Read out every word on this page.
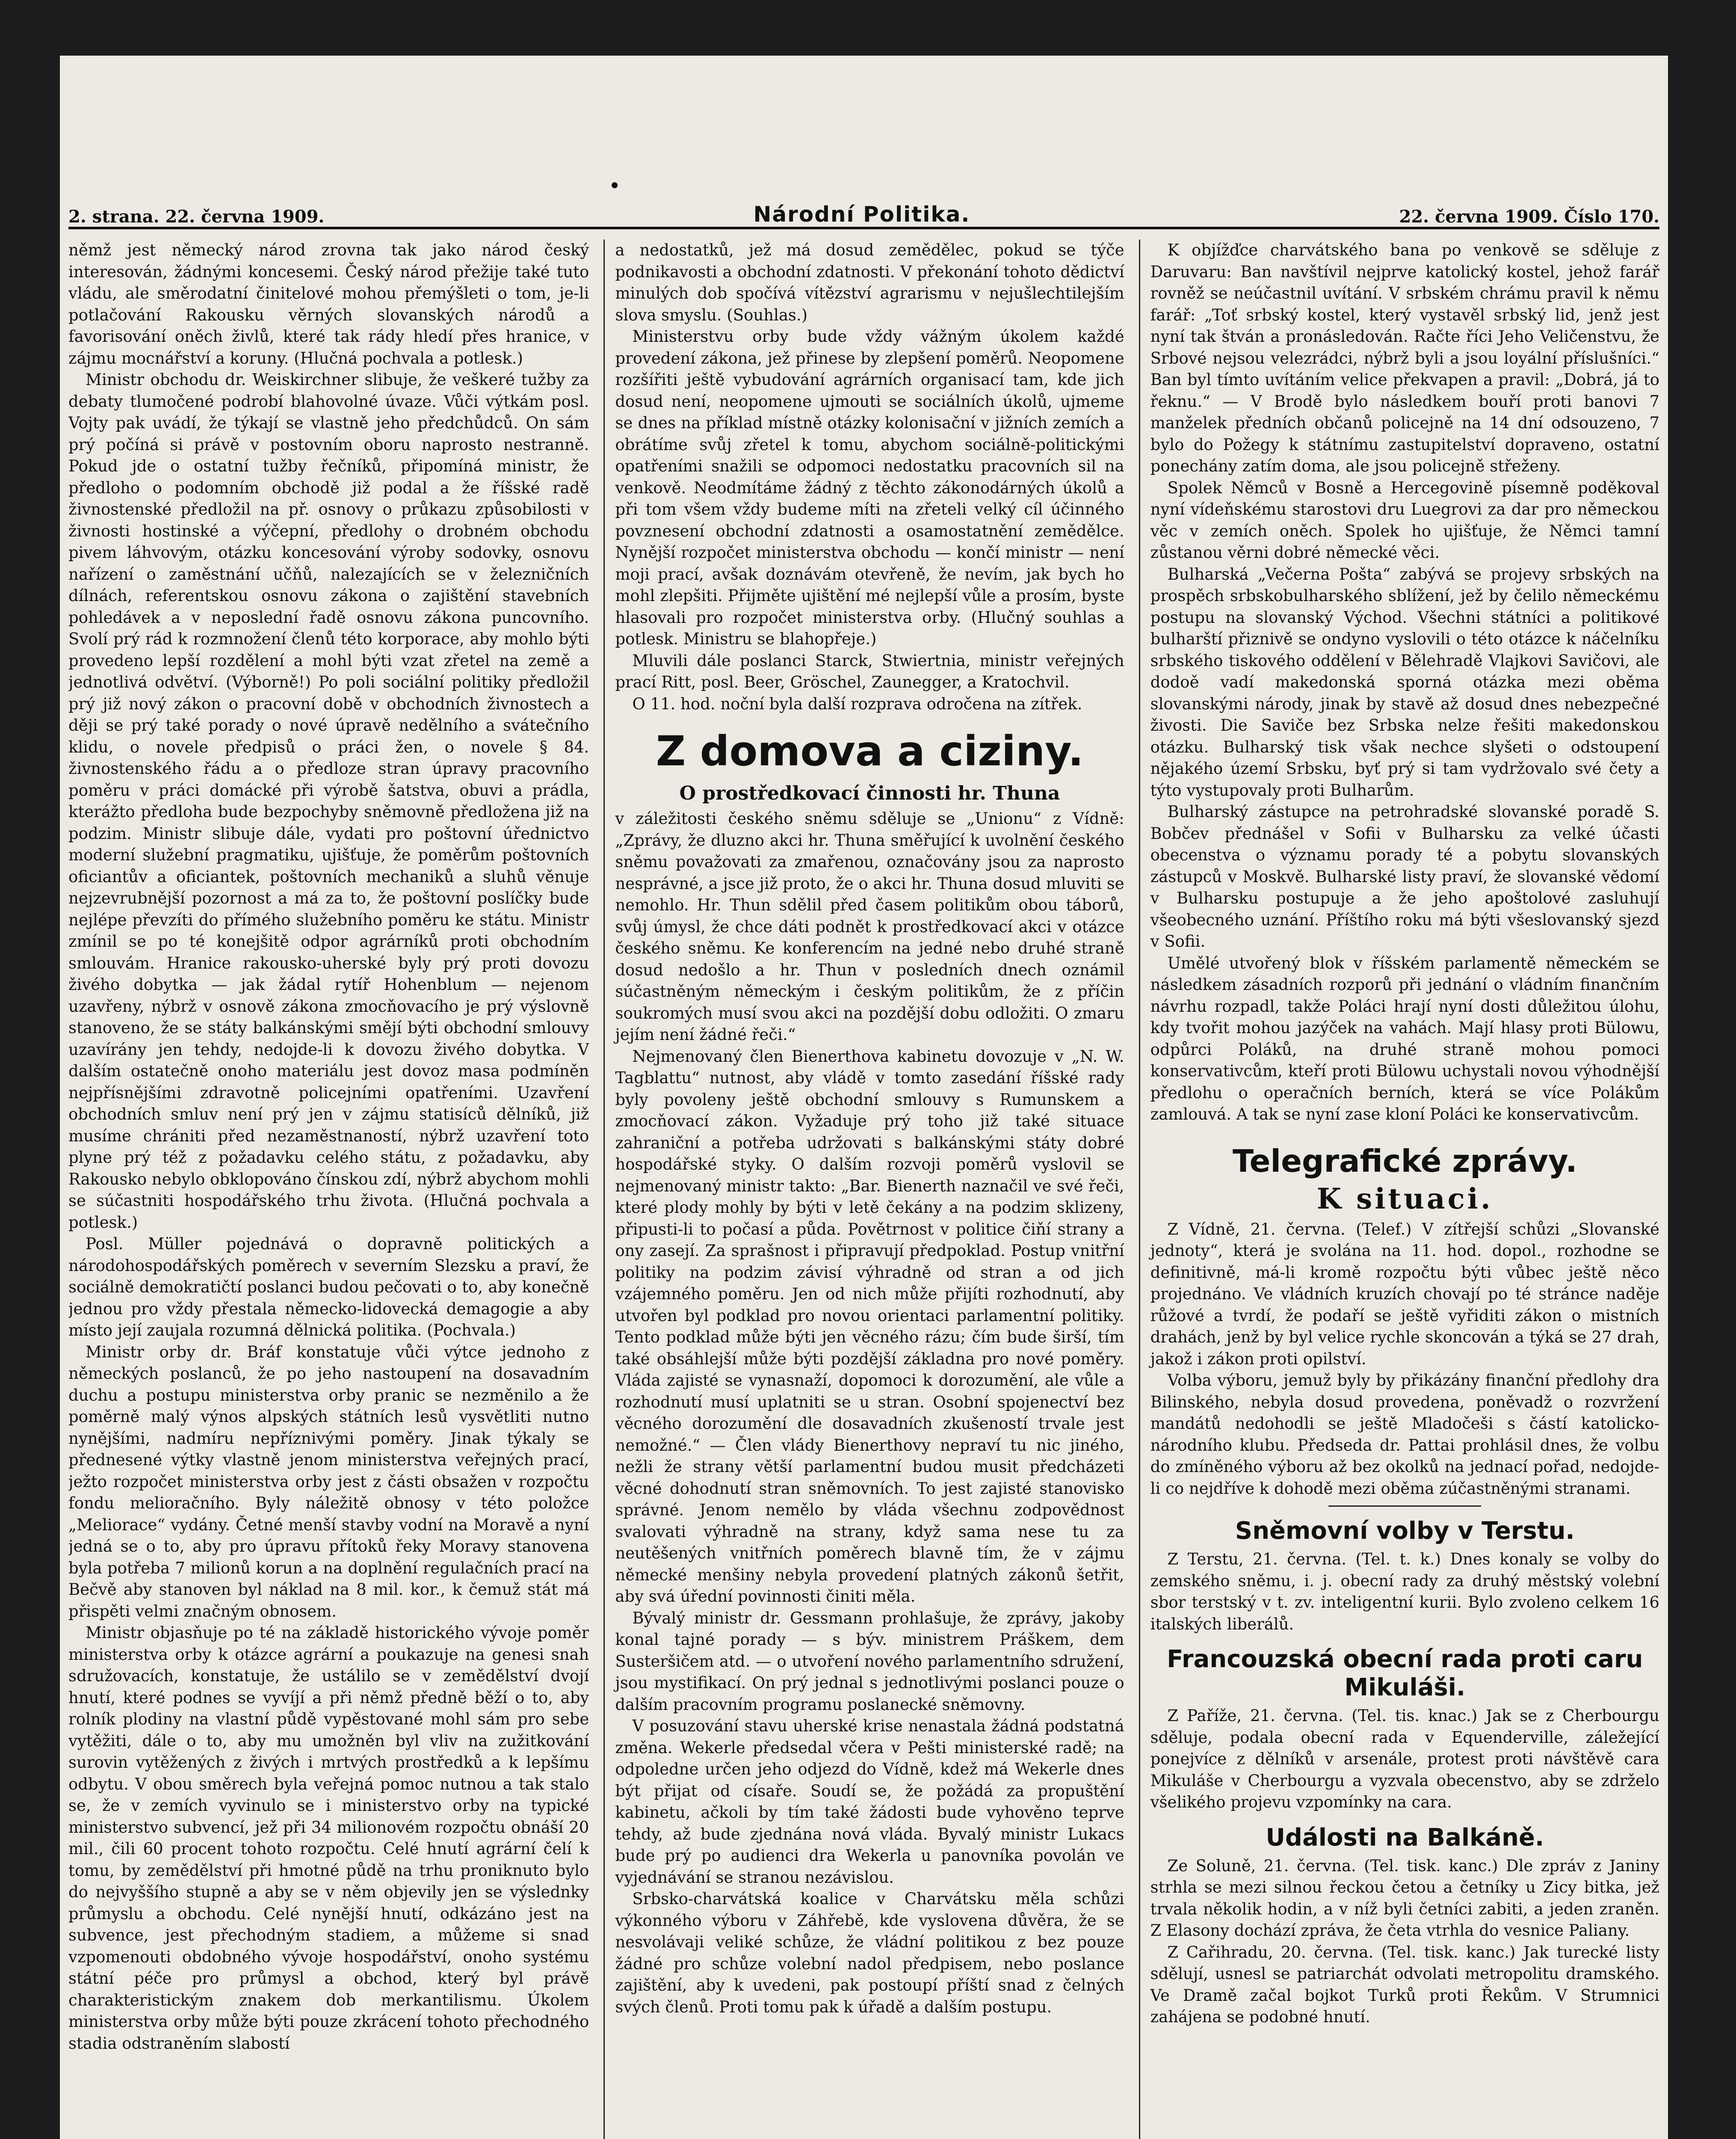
2. strana. 22. června 1909.	Národní Politika.	22. června 1909. Číslo 170.

němž jest německý národ zrovna tak jako národ český interesován, žádnými koncesemi. Český národ přežije také tuto vládu, ale směrodatní činitelové mohou přemýšleti o tom, je-li potlačování Rakousku věrných slovanských národů a favorisování oněch živlů, které tak rády hledí přes hranice, v zájmu mocnářství a koruny. (Hlučná pochvala a potlesk.)

Ministr obchodu dr. Weiskirchner slibuje, že veškeré tužby za debaty tlumočené podrobí blahovolné úvaze. Vůči výtkám posl. Vojty pak uvádí, že týkají se vlastně jeho předchůdců. On sám prý počíná si právě v postovním oboru naprosto nestranně. Pokud jde o ostatní tužby řečníků, připomíná ministr, že předloho o podomním obchodě již podal a že říšské radě živnostenské předložil na př. osnovy o průkazu způsobilosti v živnosti hostinské a výčepní, předlohy o drobném obchodu pivem láhvovým, otázku koncesování výroby sodovky, osnovu nařízení o zaměstnání učňů, nalezajících se v železničních dílnách, referentskou osnovu zákona o zajištění stavebních pohledávek a v neposlední řadě osnovu zákona puncovního. Svolí prý rád k rozmnožení členů této korporace, aby mohlo býti provedeno lepší rozdělení a mohl býti vzat zřetel na země a jednotlivá odvětví. (Výborně!) Po poli sociální politiky předložil prý již nový zákon o pracovní době v obchodních živnostech a ději se prý také porady o nové úpravě nedělního a svátečního klidu, o novele předpisů o práci žen, o novele § 84. živnostenského řádu a o předloze stran úpravy pracovního poměru v práci domácké při výrobě šatstva, obuvi a prádla, kterážto předloha bude bezpochyby sněmovně předložena již na podzim. Ministr slibuje dále, vydati pro poštovní úřednictvo moderní služební pragmatiku, ujišťuje, že poměrům poštovních oficiantův a oficiantek, poštovních mechaniků a sluhů věnuje nejzevrubnější pozornost a má za to, že poštovní poslíčky bude nejlépe převzíti do přímého služebního poměru ke státu. Ministr zmínil se po té konejšitě odpor agrárníků proti obchodním smlouvám. Hranice rakousko-uherské byly prý proti dovozu živého dobytka — jak žádal rytíř Hohenblum — nejenom uzavřeny, nýbrž v osnově zákona zmocňovacího je prý výslovně stanoveno, že se státy balkánskými smějí býti obchodní smlouvy uzavírány jen tehdy, nedojde-li k dovozu živého dobytka. V dalším ostatečně onoho materiálu jest dovoz masa podmíněn nejpřísnějšími zdravotně policejními opatřeními. Uzavření obchodních smluv není prý jen v zájmu statisíců dělníků, již musíme chrániti před nezaměstnaností, nýbrž uzavření toto plyne prý též z požadavku celého státu, z požadavku, aby Rakousko nebylo obklopováno čínskou zdí, nýbrž abychom mohli se súčastniti hospodářského trhu života. (Hlučná pochvala a potlesk.)

Posl. Müller pojednává o dopravně politických a národohospodářských poměrech v severním Slezsku a praví, že sociálně demokratičtí poslanci budou pečovati o to, aby konečně jednou pro vždy přestala německo-lidovecká demagogie a aby místo její zaujala rozumná dělnická politika. (Pochvala.)

Ministr orby dr. Bráf konstatuje vůči výtce jednoho z německých poslanců, že po jeho nastoupení na dosavadním duchu a postupu ministerstva orby pranic se nezměnilo a že poměrně malý výnos alpských státních lesů vysvětliti nutno nynějšími, nadmíru nepříznivými poměry. Jinak týkaly se přednesené výtky vlastně jenom ministerstva veřejných prací, ježto rozpočet ministerstva orby jest z části obsažen v rozpočtu fondu melioračního. Byly náležitě obnosy v této položce „Meliorace“ vydány. Četné menší stavby vodní na Moravě a nyní jedná se o to, aby pro úpravu přítoků řeky Moravy stanovena byla potřeba 7 milionů korun a na doplnění regulačních prací na Bečvě aby stanoven byl náklad na 8 mil. kor., k čemuž stát má přispěti velmi značným obnosem.

Ministr objasňuje po té na základě historického vývoje poměr ministerstva orby k otázce agrární a poukazuje na genesi snah sdružovacích, konstatuje, že ustálilo se v zemědělství dvojí hnutí, které podnes se vyvíjí a při němž předně běží o to, aby rolník plodiny na vlastní půdě vypěstované mohl sám pro sebe vytěžiti, dále o to, aby mu umožněn byl vliv na zužitkování surovin vytěžených z živých i mrtvých prostředků a k lepšímu odbytu. V obou směrech byla veřejná pomoc nutnou a tak stalo se, že v zemích vyvinulo se i ministerstvo orby na typické ministerstvo subvencí, jež při 34 milionovém rozpočtu obnáší 20 mil., čili 60 procent tohoto rozpočtu. Celé hnutí agrární čelí k tomu, by zemědělství při hmotné půdě na trhu proniknuto bylo do nejvyššího stupně a aby se v něm objevily jen se výslednky průmyslu a obchodu. Celé nynější hnutí, odkázáno jest na subvence, jest přechodným stadiem, a můžeme si snad vzpomenouti obdobného vývoje hospodářství, onoho systému státní péče pro průmysl a obchod, který byl právě charakteristickým znakem dob merkantilismu. Úkolem ministerstva orby může býti pouze zkrácení tohoto přechodného stadia odstraněním slabostí

a nedostatků, jež má dosud zemědělec, pokud se týče podnikavosti a obchodní zdatnosti. V překonání tohoto dědictví minulých dob spočívá vítězství agrarismu v nejušlechtilejším slova smyslu. (Souhlas.)

Ministerstvu orby bude vždy vážným úkolem každé provedení zákona, jež přinese by zlepšení poměrů. Neopomene rozšířiti ještě vybudování agrárních organisací tam, kde jich dosud není, neopomene ujmouti se sociálních úkolů, ujmeme se dnes na příklad místně otázky kolonisační v jižních zemích a obrátíme svůj zřetel k tomu, abychom sociálně-politickými opatřeními snažili se odpomoci nedostatku pracovních sil na venkově. Neodmítáme žádný z těchto zákonodárných úkolů a při tom všem vždy budeme míti na zřeteli velký cíl účinného povznesení obchodní zdatnosti a osamostatnění zemědělce. Nynější rozpočet ministerstva obchodu — končí ministr — není moji prací, avšak doznávám otevřeně, že nevím, jak bych ho mohl zlepšiti. Přijměte ujištění mé nejlepší vůle a prosím, byste hlasovali pro rozpočet ministerstva orby. (Hlučný souhlas a potlesk. Ministru se blahopřeje.)

Mluvili dále poslanci Starck, Stwiertnia, ministr veřejných prací Ritt, posl. Beer, Gröschel, Zaunegger, a Kratochvil.

O 11. hod. noční byla další rozprava odročena na zítřek.

Z domova a ciziny.
O prostředkovací činnosti hr. Thuna

v záležitosti českého sněmu sděluje se „Unionu“ z Vídně: „Zprávy, že dluzno akci hr. Thuna směřující k uvolnění českého sněmu považovati za zmařenou, označovány jsou za naprosto nesprávné, a jsce již proto, že o akci hr. Thuna dosud mluviti se nemohlo. Hr. Thun sdělil před časem politikům obou táborů, svůj úmysl, že chce dáti podnět k prostředkovací akci v otázce českého sněmu. Ke konferencím na jedné nebo druhé straně dosud nedošlo a hr. Thun v posledních dnech oznámil súčastněným německým i českým politikům, že z příčin soukromých musí svou akci na pozdější dobu odložiti. O zmaru jejím není žádné řeči.“

Nejmenovaný člen Bienerthova kabinetu dovozuje v „N. W. Tagblattu“ nutnost, aby vládě v tomto zasedání říšské rady byly povoleny ještě obchodní smlouvy s Rumunskem a zmocňovací zákon. Vyžaduje prý toho již také situace zahraniční a potřeba udržovati s balkánskými státy dobré hospodářské styky. O dalším rozvoji poměrů vyslovil se nejmenovaný ministr takto: „Bar. Bienerth naznačil ve své řeči, které plody mohly by býti v letě čekány a na podzim sklizeny, připusti-li to počasí a půda. Povětrnost v politice čiňí strany a ony zasejí. Za sprašnost i připravují předpoklad. Postup vnitřní politiky na podzim závisí výhradně od stran a od jich vzájemného poměru. Jen od nich může přijíti rozhodnutí, aby utvořen byl podklad pro novou orientaci parlamentní politiky. Tento podklad může býti jen věcného rázu; čím bude širší, tím také obsáhlejší může býti pozdější základna pro nové poměry. Vláda zajisté se vynasnaží, dopomoci k dorozumění, ale vůle a rozhodnutí musí uplatniti se u stran. Osobní spojenectví bez věcného dorozumění dle dosavadních zkušeností trvale jest nemožné.“ — Člen vlády Bienerthovy nepraví tu nic jiného, nežli že strany větší parlamentní budou musit předcházeti věcné dohodnutí stran sněmovních. To jest zajisté stanovisko správné. Jenom nemělo by vláda všechnu zodpovědnost svalovati výhradně na strany, když sama nese tu za neutěšených vnitřních poměrech blavně tím, že v zájmu německé menšiny nebyla provedení platných zákonů šetřit, aby svá úřední povinnosti činiti měla.

Bývalý ministr dr. Gessmann prohlašuje, že zprávy, jakoby konal tajné porady — s býv. ministrem Práškem, dem Susteršičem atd. — o utvoření nového parlamentního sdružení, jsou mystifikací. On prý jednal s jednotlivými poslanci pouze o dalším pracovním programu poslanecké sněmovny.

V posuzování stavu uherské krise nenastala žádná podstatná změna. Wekerle předsedal včera v Pešti ministerské radě; na odpoledne určen jeho odjezd do Vídně, kdež má Wekerle dnes být přijat od císaře. Soudí se, že požádá za propuštění kabinetu, ačkoli by tím také žádosti bude vyhověno teprve tehdy, až bude zjednána nová vláda. Byvalý ministr Lukacs bude prý po audienci dra Wekerla u panovníka povolán ve vyjednávání se stranou nezávislou.

Srbsko-charvátská koalice v Charvátsku měla schůzi výkonného výboru v Záhřebě, kde vyslovena důvěra, že se nesvolávaji veliké schůze, že vládní politikou z bez pouze žádné pro schůze volební nadol předpisem, nebo poslance zajištění, aby k uvedeni, pak postoupí příští snad z čelných svých členů. Proti tomu pak k úřadě a dalším postupu.

K objížďce charvátského bana po venkově se sděluje z Daruvaru: Ban navštívil nejprve katolický kostel, jehož farář rovněž se neúčastnil uvítání. V srbském chrámu pravil k němu farář: „Toť srbský kostel, který vystavěl srbský lid, jenž jest nyní tak štván a pronásledován. Račte říci Jeho Veličenstvu, že Srbové nejsou velezrádci, nýbrž byli a jsou loyální příslušníci.“ Ban byl tímto uvítáním velice překvapen a pravil: „Dobrá, já to řeknu.“ — V Brodě bylo následkem bouří proti banovi 7 manželek předních občanů policejně na 14 dní odsouzeno, 7 bylo do Požegy k státnímu zastupitelství dopraveno, ostatní ponechány zatím doma, ale jsou policejně střeženy.

Spolek Němců v Bosně a Hercegovině písemně poděkoval nyní vídeňskému starostovi dru Luegrovi za dar pro německou věc v zemích oněch. Spolek ho ujišťuje, že Němci tamní zůstanou věrni dobré německé věci.

Bulharská „Večerna Pošta“ zabývá se projevy srbských na prospěch srbskobulharského sblížení, jež by čelilo německému postupu na slovanský Východ. Všechni státníci a politikové bulharští přiznivě se ondyno vyslovili o této otázce k náčelníku srbského tiskového oddělení v Bělehradě Vlajkovi Savičovi, ale dodoě vadí makedonská sporná otázka mezi oběma slovanskými národy, jinak by stavě až dosud dnes nebezpečné živosti. Die Saviče bez Srbska nelze řešiti makedonskou otázku. Bulharský tisk však nechce slyšeti o odstoupení nějakého území Srbsku, byť prý si tam vydržovalo své čety a týto vystupovaly proti Bulharům.

Bulharský zástupce na petrohradské slovanské poradě S. Bobčev přednášel v Sofii v Bulharsku za velké účasti obecenstva o významu porady té a pobytu slovanských zástupců v Moskvě. Bulharské listy praví, že slovanské vědomí v Bulharsku postupuje a že jeho apoštolové zasluhují všeobecného uznání. Příštího roku má býti všeslovanský sjezd v Sofii.

Umělé utvořený blok v říšském parlamentě německém se následkem zásadních rozporů při jednání o vládním finančním návrhu rozpadl, takže Poláci hrají nyní dosti důležitou úlohu, kdy tvořit mohou jazýček na vahách. Mají hlasy proti Bülowu, odpůrci Poláků, na druhé straně mohou pomoci konservativcům, kteří proti Bülowu uchystali novou výhodnější předlohu o operačních berních, která se více Polákům zamlouvá. A tak se nyní zase kloní Poláci ke konservativcům.

Telegrafické zprávy.
K situaci.

Z Vídně, 21. června. (Telef.) V zítřejší schůzi „Slovanské jednoty“, která je svolána na 11. hod. dopol., rozhodne se definitivně, má-li kromě rozpočtu býti vůbec ještě něco projednáno. Ve vládních kruzích chovají po té stránce naděje růžové a tvrdí, že podaří se ještě vyřiditi zákon o mistních drahách, jenž by byl velice rychle skoncován a týká se 27 drah, jakož i zákon proti opilství.

Volba výboru, jemuž byly by přikázány finanční předlohy dra Bilinského, nebyla dosud provedena, poněvadž o rozvržení mandátů nedohodli se ještě Mladočeši s částí katolicko-národního klubu. Předseda dr. Pattai prohlásil dnes, že volbu do zmíněného výboru až bez okolků na jednací pořad, nedojde-li co nejdříve k dohodě mezi oběma zúčastněnými stranami.

Sněmovní volby v Terstu.

Z Terstu, 21. června. (Tel. t. k.) Dnes konaly se volby do zemského sněmu, i. j. obecní rady za druhý městský volební sbor terstský v t. zv. inteligentní kurii. Bylo zvoleno celkem 16 italských liberálů.

Francouzská obecní rada proti caru Mikuláši.

Z Paříže, 21. června. (Tel. tis. knac.) Jak se z Cherbourgu sděluje, podala obecní rada v Equenderville, záležející ponejvíce z dělníků v arsenále, protest proti návštěvě cara Mikuláše v Cherbourgu a vyzvala obecenstvo, aby se zdrželo všelikého projevu vzpomínky na cara.

Události na Balkáně.

Ze Soluně, 21. června. (Tel. tisk. kanc.) Dle zpráv z Janiny strhla se mezi silnou řeckou četou a četníky u Zicy bitka, jež trvala několik hodin, a v níž byli četníci zabiti, a jeden zraněn. Z Elasony dochází zpráva, že četa vtrhla do vesnice Paliany.

Z Cařihradu, 20. června. (Tel. tisk. kanc.) Jak turecké listy sdělují, usnesl se patriarchát odvolati metropolitu dramského. Ve Dramě začal bojkot Turků proti Řekům. V Strumnici zahájena se podobné hnutí.
